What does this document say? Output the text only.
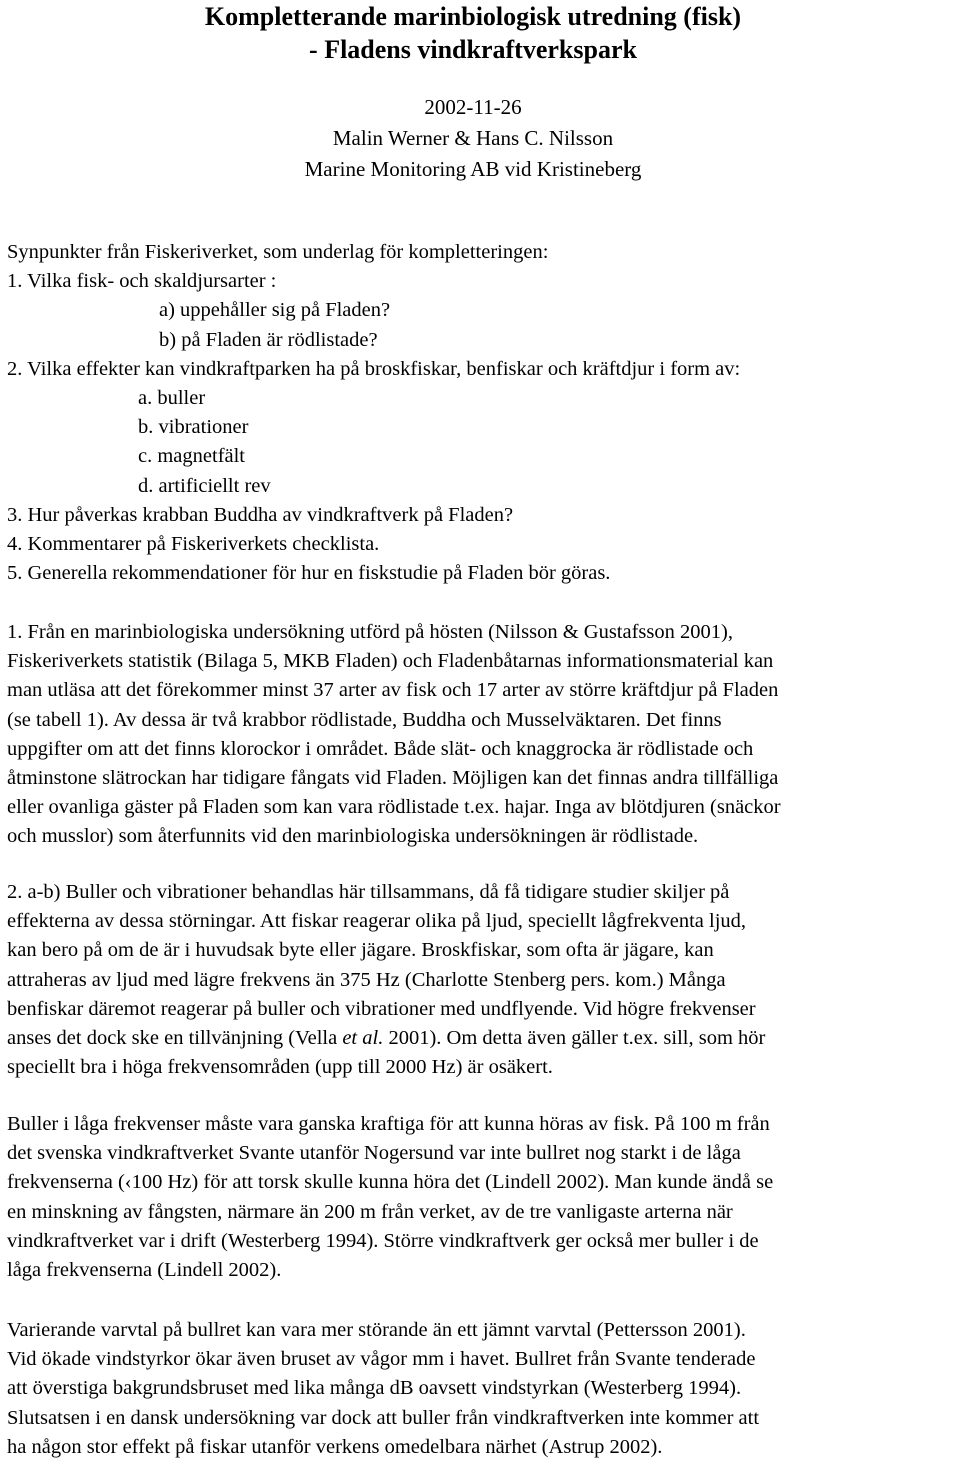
Kompletterande marinbiologisk utredning (fisk)
- Fladens vindkraftverkspark
2002-11-26
Malin Werner & Hans C. Nilsson
Marine Monitoring AB vid Kristineberg
Synpunkter från Fiskeriverket, som underlag för kompletteringen:
1. Vilka fisk- och skaldjursarter :
a) uppehåller sig på Fladen?
b) på Fladen är rödlistade?
2. Vilka effekter kan vindkraftparken ha på broskfiskar, benfiskar och kräftdjur i form av:
a. buller
b. vibrationer
c. magnetfält
d. artificiellt rev
3. Hur påverkas krabban Buddha av vindkraftverk på Fladen?
4. Kommentarer på Fiskeriverkets checklista.
5. Generella rekommendationer för hur en fiskstudie på Fladen bör göras.
1. Från en marinbiologiska undersökning utförd på hösten (Nilsson & Gustafsson 2001),
Fiskeriverkets statistik (Bilaga 5, MKB Fladen) och Fladenbåtarnas informationsmaterial kan
man utläsa att det förekommer minst 37 arter av fisk och 17 arter av större kräftdjur på Fladen
(se tabell 1). Av dessa är två krabbor rödlistade, Buddha och Musselväktaren. Det finns
uppgifter om att det finns klorockor i området. Både slät- och knaggrocka är rödlistade och
åtminstone slätrockan har tidigare fångats vid Fladen. Möjligen kan det finnas andra tillfälliga
eller ovanliga gäster på Fladen som kan vara rödlistade t.ex. hajar. Inga av blötdjuren (snäckor
och musslor) som återfunnits vid den marinbiologiska undersökningen är rödlistade.
2. a-b) Buller och vibrationer behandlas här tillsammans, då få tidigare studier skiljer på
effekterna av dessa störningar. Att fiskar reagerar olika på ljud, speciellt lågfrekventa ljud,
kan bero på om de är i huvudsak byte eller jägare. Broskfiskar, som ofta är jägare, kan
attraheras av ljud med lägre frekvens än 375 Hz (Charlotte Stenberg pers. kom.) Många
benfiskar däremot reagerar på buller och vibrationer med undflyende. Vid högre frekvenser
anses det dock ske en tillvänjning (Vella et al. 2001). Om detta även gäller t.ex. sill, som hör
speciellt bra i höga frekvensområden (upp till 2000 Hz) är osäkert.
Buller i låga frekvenser måste vara ganska kraftiga för att kunna höras av fisk. På 100 m från
det svenska vindkraftverket Svante utanför Nogersund var inte bullret nog starkt i de låga
frekvenserna (‹100 Hz) för att torsk skulle kunna höra det (Lindell 2002). Man kunde ändå se
en minskning av fångsten, närmare än 200 m från verket, av de tre vanligaste arterna när
vindkraftverket var i drift (Westerberg 1994). Större vindkraftverk ger också mer buller i de
låga frekvenserna (Lindell 2002).
Varierande varvtal på bullret kan vara mer störande än ett jämnt varvtal (Pettersson 2001).
Vid ökade vindstyrkor ökar även bruset av vågor mm i havet. Bullret från Svante tenderade
att överstiga bakgrundsbruset med lika många dB oavsett vindstyrkan (Westerberg 1994).
Slutsatsen i en dansk undersökning var dock att buller från vindkraftverken inte kommer att
ha någon stor effekt på fiskar utanför verkens omedelbara närhet (Astrup 2002).
